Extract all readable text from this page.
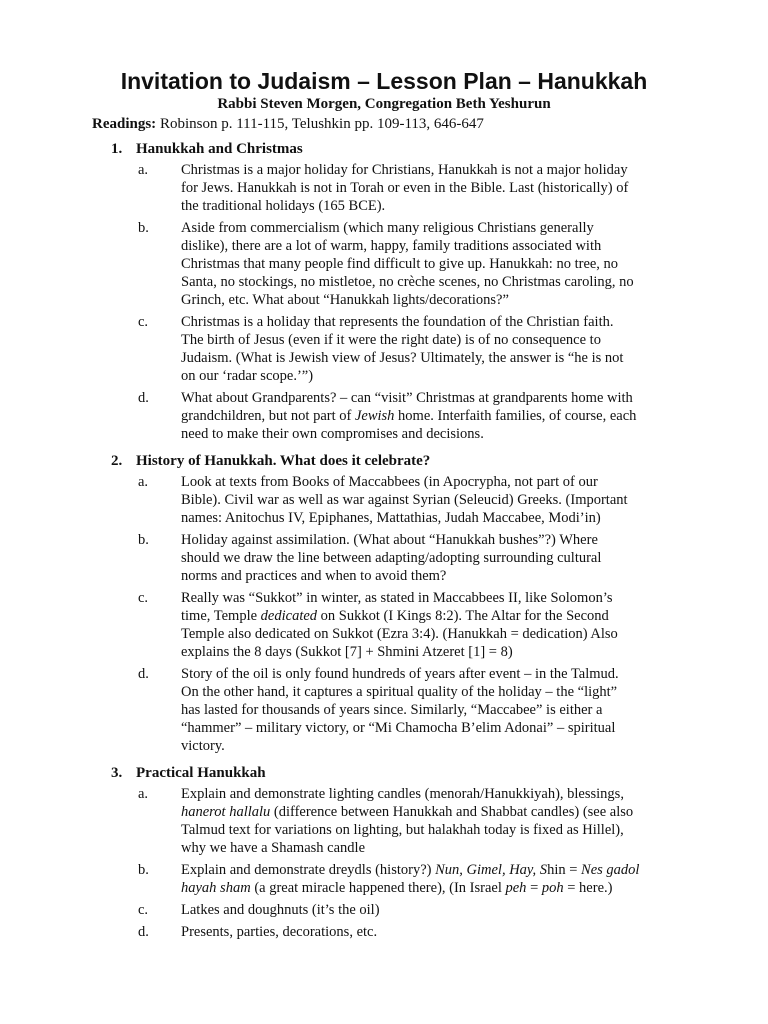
Invitation to Judaism – Lesson Plan – Hanukkah
Rabbi Steven Morgen, Congregation Beth Yeshurun
Readings: Robinson p. 111-115, Telushkin pp. 109-113, 646-647
1. Hanukkah and Christmas
a. Christmas is a major holiday for Christians, Hanukkah is not a major holiday
for Jews. Hanukkah is not in Torah or even in the Bible. Last (historically) of
the traditional holidays (165 BCE).
b. Aside from commercialism (which many religious Christians generally
dislike), there are a lot of warm, happy, family traditions associated with
Christmas that many people find difficult to give up. Hanukkah: no tree, no
Santa, no stockings, no mistletoe, no crèche scenes, no Christmas caroling, no
Grinch, etc. What about “Hanukkah lights/decorations?”
c. Christmas is a holiday that represents the foundation of the Christian faith.
The birth of Jesus (even if it were the right date) is of no consequence to
Judaism. (What is Jewish view of Jesus? Ultimately, the answer is “he is not
on our ‘radar scope.’”)
d. What about Grandparents? – can “visit” Christmas at grandparents home with
grandchildren, but not part of Jewish home. Interfaith families, of course, each
need to make their own compromises and decisions.
2. History of Hanukkah. What does it celebrate?
a. Look at texts from Books of Maccabbees (in Apocrypha, not part of our
Bible). Civil war as well as war against Syrian (Seleucid) Greeks. (Important
names: Anitochus IV, Epiphanes, Mattathias, Judah Maccabee, Modi’in)
b. Holiday against assimilation. (What about “Hanukkah bushes”?) Where
should we draw the line between adapting/adopting surrounding cultural
norms and practices and when to avoid them?
c. Really was “Sukkot” in winter, as stated in Maccabbees II, like Solomon’s
time, Temple dedicated on Sukkot (I Kings 8:2). The Altar for the Second
Temple also dedicated on Sukkot (Ezra 3:4). (Hanukkah = dedication) Also
explains the 8 days (Sukkot [7] + Shmini Atzeret [1] = 8)
d. Story of the oil is only found hundreds of years after event – in the Talmud.
On the other hand, it captures a spiritual quality of the holiday – the “light”
has lasted for thousands of years since. Similarly, “Maccabee” is either a
“hammer” – military victory, or “Mi Chamocha B’elim Adonai” – spiritual
victory.
3. Practical Hanukkah
a. Explain and demonstrate lighting candles (menorah/Hanukkiyah), blessings,
hanerot hallalu (difference between Hanukkah and Shabbat candles) (see also
Talmud text for variations on lighting, but halakhah today is fixed as Hillel),
why we have a Shamash candle
b. Explain and demonstrate dreydls (history?) Nun, Gimel, Hay, Shin = Nes gadol
hayah sham (a great miracle happened there), (In Israel peh = poh = here.)
c. Latkes and doughnuts (it’s the oil)
d. Presents, parties, decorations, etc.
